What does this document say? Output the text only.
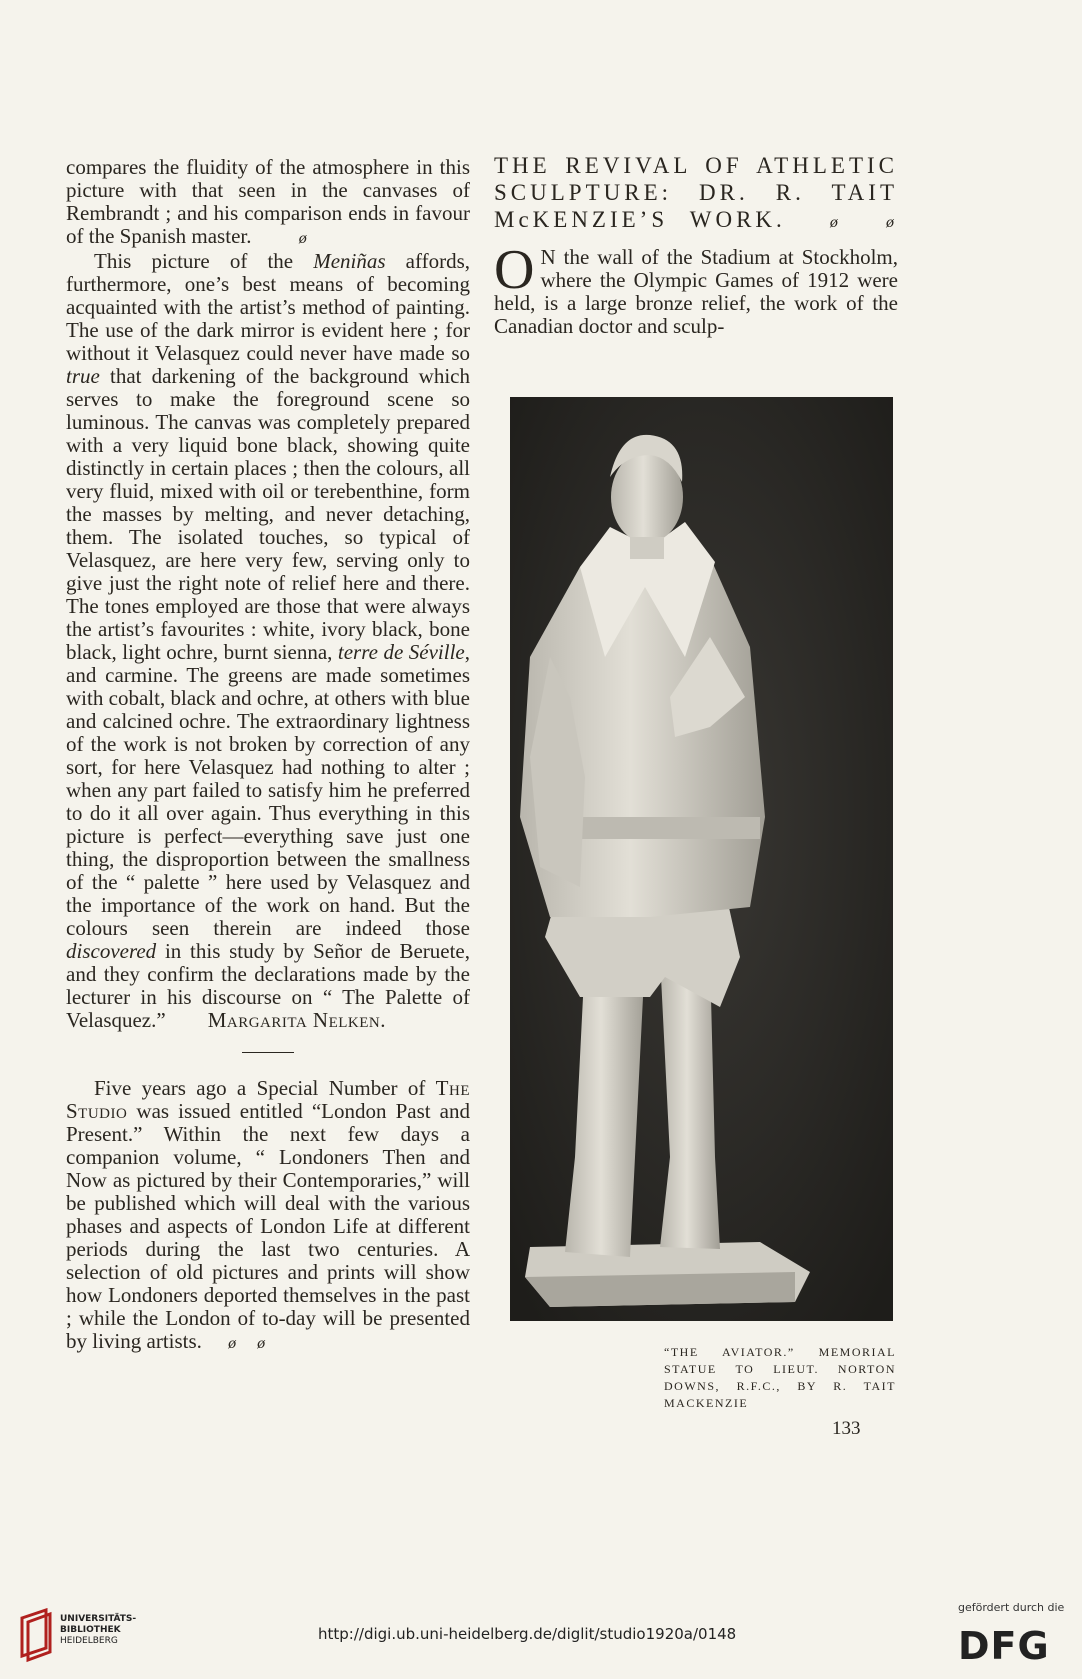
compares the fluidity of the atmosphere in this picture with that seen in the canvases of Rembrandt ; and his comparison ends in favour of the Spanish master.	ø

This picture of the Meniñas affords, furthermore, one’s best means of becoming acquainted with the artist’s method of painting. The use of the dark mirror is evident here ; for without it Velasquez could never have made so true that darkening of the background which serves to make the foreground scene so luminous. The canvas was completely prepared with a very liquid bone black, showing quite distinctly in certain places ; then the colours, all very fluid, mixed with oil or terebenthine, form the masses by melting, and never detaching, them. The isolated touches, so typical of Velasquez, are here very few, serving only to give just the right note of relief here and there. The tones employed are those that were always the artist’s favourites : white, ivory black, bone black, light ochre, burnt sienna, terre de Séville, and carmine. The greens are made sometimes with cobalt, black and ochre, at others with blue and calcined ochre. The extraordinary lightness of the work is not broken by correction of any sort, for here Velasquez had nothing to alter ; when any part failed to satisfy him he preferred to do it all over again. Thus everything in this picture is perfect—everything save just one thing, the disproportion between the smallness of the “ palette ” here used by Velasquez and the importance of the work on hand. But the colours seen therein are indeed those discovered in this study by Señor de Beruete, and they confirm the declarations made by the lecturer in his discourse on “ The Palette of Velasquez.” Margarita Nelken.

Five years ago a Special Number of The Studio was issued entitled “London Past and Present.” Within the next few days a companion volume, “ Londoners Then and Now as pictured by their Contemporaries,” will be published which will deal with the various phases and aspects of London Life at different periods during the last two centuries. A selection of old pictures and prints will show how Londoners deported themselves in the past ; while the London of to-day will be presented by living artists. ø ø

THE REVIVAL OF ATHLETIC SCULPTURE: DR. R. TAIT McKENZIE’S WORK.	ø	ø

O N the wall of the Stadium at Stockholm, where the Olympic Games of 1912 were held, is a large bronze relief, the work of the Canadian doctor and sculp-

“THE AVIATOR.” MEMORIAL STATUE TO LIEUT. NORTON DOWNS, R.F.C., BY R. TAIT MACKENZIE
133
UNIVERSITÄTS-
BIBLIOTHEK
HEIDELBERG	http://digi.ub.uni-heidelberg.de/diglit/studio1920a/0148
gefördert durch die
DFG
